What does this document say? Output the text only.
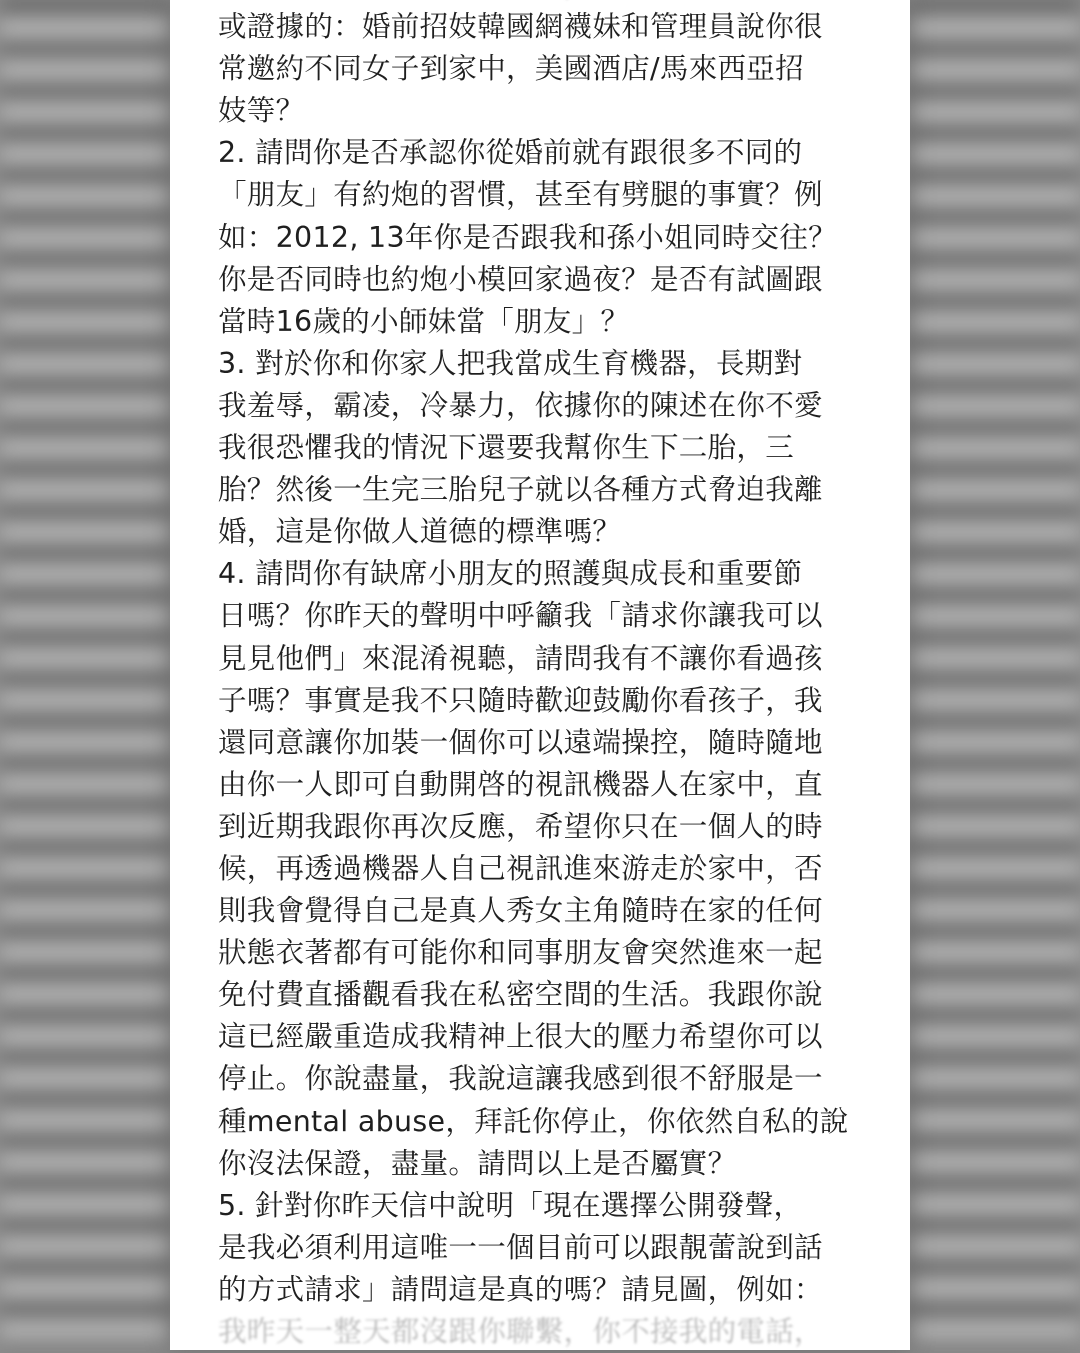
或證據的：婚前招妓韓國網襪妹和管理員說你很
常邀約不同女子到家中，美國酒店/馬來西亞招
妓等？
2. 請問你是否承認你從婚前就有跟很多不同的
「朋友」有約炮的習慣，甚至有劈腿的事實？例
如：2012, 13年你是否跟我和孫小姐同時交往？
你是否同時也約炮小模回家過夜？是否有試圖跟
當時16歲的小師妹當「朋友」？
3. 對於你和你家人把我當成生育機器，長期對
我羞辱，霸凌，冷暴力，依據你的陳述在你不愛
我很恐懼我的情況下還要我幫你生下二胎，三
胎？然後一生完三胎兒子就以各種方式脅迫我離
婚，這是你做人道德的標準嗎？
4. 請問你有缺席小朋友的照護與成長和重要節
日嗎？你昨天的聲明中呼籲我「請求你讓我可以
見見他們」來混淆視聽，請問我有不讓你看過孩
子嗎？事實是我不只隨時歡迎鼓勵你看孩子，我
還同意讓你加裝一個你可以遠端操控，隨時隨地
由你一人即可自動開啓的視訊機器人在家中，直
到近期我跟你再次反應，希望你只在一個人的時
候，再透過機器人自己視訊進來游走於家中，否
則我會覺得自己是真人秀女主角隨時在家的任何
狀態衣著都有可能你和同事朋友會突然進來一起
免付費直播觀看我在私密空間的生活。我跟你說
這已經嚴重造成我精神上很大的壓力希望你可以
停止。你說盡量，我說這讓我感到很不舒服是一
種mental abuse，拜託你停止，你依然自私的說
你沒法保證，盡量。請問以上是否屬實？
5. 針對你昨天信中說明「現在選擇公開發聲，
是我必須利用這唯一一個目前可以跟靚蕾說到話
的方式請求」請問這是真的嗎？請見圖，例如：
我昨天一整天都沒跟你聯繫，你不接我的電話，
